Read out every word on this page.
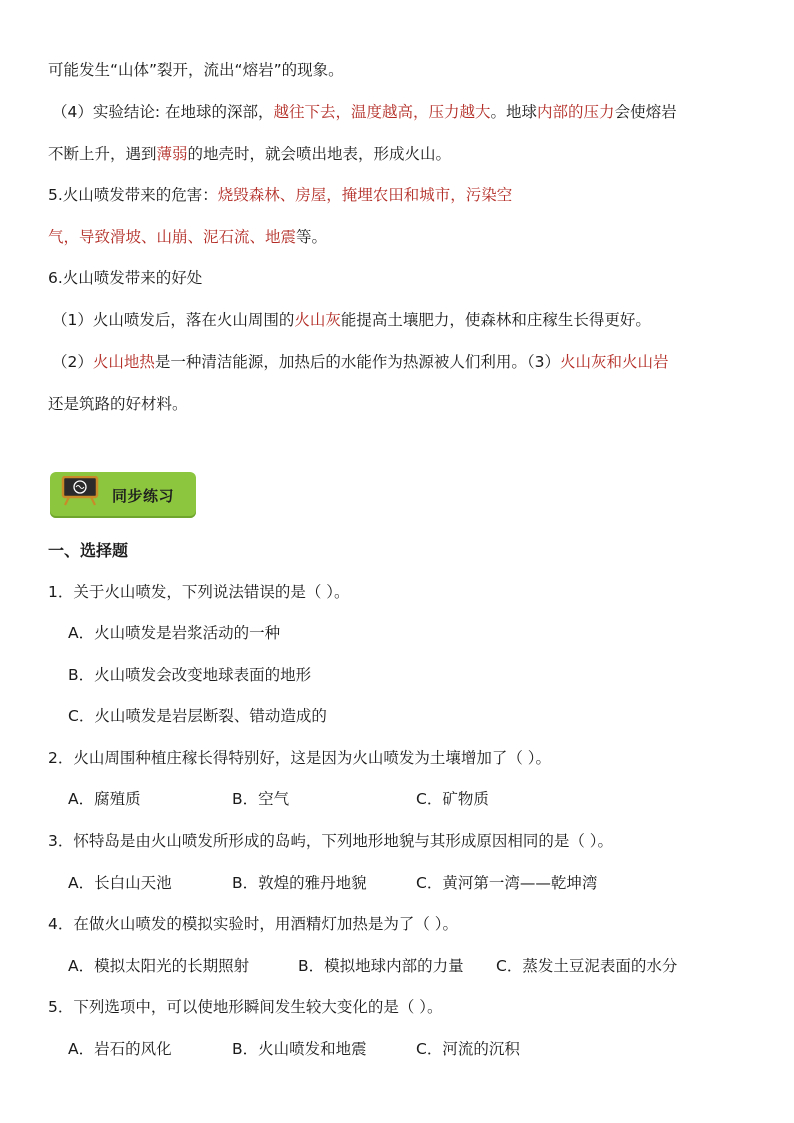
可能发生“山体”裂开，流出“熔岩”的现象。
（4）实验结论: 在地球的深部，越往下去，温度越高，压力越大。地球内部的压力会使熔岩
不断上升，遇到薄弱的地壳时，就会喷出地表，形成火山。
5.火山喷发带来的危害：烧毁森林、房屋，掩埋农田和城市，污染空
气，导致滑坡、山崩、泥石流、地震等。
6.火山喷发带来的好处
（1）火山喷发后，落在火山周围的火山灰能提高土壤肥力，使森林和庄稼生长得更好。
（2）火山地热是一种清洁能源，加热后的水能作为热源被人们利用。（3）火山灰和火山岩
还是筑路的好材料。
同步练习
一、选择题
1．关于火山喷发，下列说法错误的是（ ）。
A．火山喷发是岩浆活动的一种
B．火山喷发会改变地球表面的地形
C．火山喷发是岩层断裂、错动造成的
2．火山周围种植庄稼长得特别好，这是因为火山喷发为土壤增加了（ ）。
A．腐殖质	B．空气	C．矿物质
3．怀特岛是由火山喷发所形成的岛屿，下列地形地貌与其形成原因相同的是（ ）。
A．长白山天池	B．敦煌的雅丹地貌	C．黄河第一湾——乾坤湾
4．在做火山喷发的模拟实验时，用酒精灯加热是为了（ ）。
A．模拟太阳光的长期照射	B．模拟地球内部的力量 C．蒸发土豆泥表面的水分
5．下列选项中，可以使地形瞬间发生较大变化的是（ ）。
A．岩石的风化	B．火山喷发和地震	C．河流的沉积
